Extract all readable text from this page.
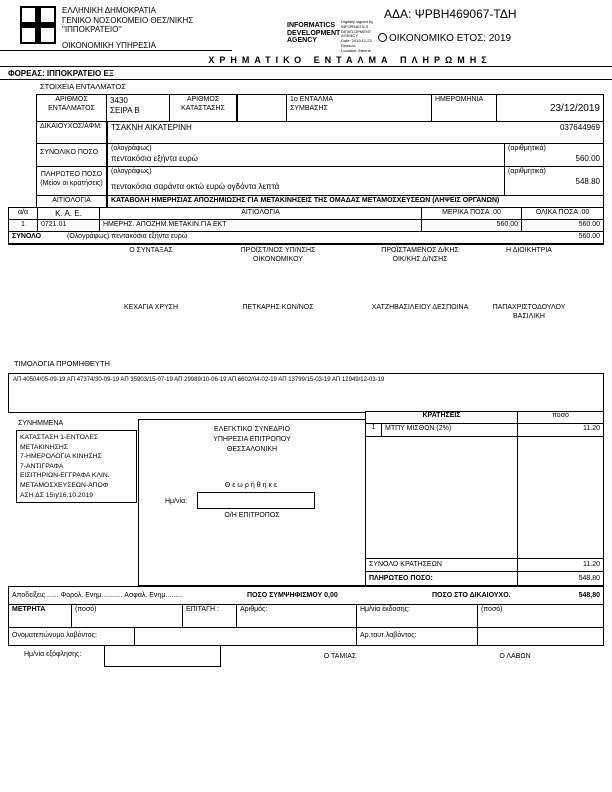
ΕΛΛΗΝΙΚΗ ΔΗΜΟΚΡΑΤΙΑ
ΓΕΝΙΚΟ ΝΟΣΟΚΟΜΕΙΟ ΘΕΣ/ΝΙΚΗΣ
"ΙΠΠΟΚΡΑΤΕΙΟ"
ΟΙΚΟΝΟΜΙΚΗ ΥΠΗΡΕΣΙΑ
ΑΔΑ: ΨΡΒΗ469067-ΤΔΗ
INFORMATICS DEVELOPMENT AGENCY
Digitally signed by
INFORMATICS
DEVELOPMENT AGENCY
Date: 2019.12.23
Reason:
Location: Athens
ΟΙΚΟΝΟΜΙΚΟ ΕΤΟΣ: 2019
ΧΡΗΜΑΤΙΚΟ ΕΝΤΑΛΜΑ ΠΛΗΡΩΜΗΣ
ΦΟΡΕΑΣ: ΙΠΠΟΚΡΑΤΕΙΟ ΕΞ
ΣΤΟΙΧΕΙΑ ΕΝΤΑΛΜΑΤΟΣ
ΑΡΙΘΜΟΣ ΕΝΤΑΛΜΑΤΟΣ
3430
ΣΕΙΡΑ Β
ΑΡΙΘΜΟΣ ΚΑΤΑΣΤΑΣΗΣ
1ο ΕΝΤΑΛΜΑ ΣΥΜΒΑΣΗΣ
ΗΜΕΡΟΜΗΝΙΑ
23/12/2019
ΔΙΚΑΙΟΥΧΟΣ/ΑΦΜ:	ΤΣΑΚΝΗ ΑΙΚΑΤΕΡΙΝΗ	037644969
ΣΥΝΟΛΙΚΟ ΠΟΣΟ
(ολογράφως)
πεντακόσια εξήντα ευρώ
(αριθμητικά)
560.00
ΠΛΗΡΩΤΕΟ ΠΟΣΟ
(Μείον οι κρατήσεις)
(ολογράφως)
πεντακόσια σαράντα οκτώ ευρώ ογδόντα λεπτά
(αριθμητικά)
548.80
ΑΙΤΙΟΛΟΓΙΑ	ΚΑΤΑΒΟΛΗ ΗΜΕΡΗΣΙΑΣ ΑΠΟΖΗΜΙΩΣΗΣ ΓΙΑ ΜΕΤΑΚΙΝΗΣΕΙΣ ΤΗΣ ΟΜΑΔΑΣ ΜΕΤΑΜΟΣΧΕΥΣΕΩΝ (ΛΗΨΕΙΣ ΟΡΓΑΝΩΝ)
α/α	Κ. Α. Ε.	ΑΙΤΙΟΛΟΓΙΑ	ΜΕΡΙΚΑ ΠΟΣΑ .00	ΟΛΙΚΑ ΠΟΣΑ .00
1	0721.01	ΗΜΕΡΗΣ. ΑΠΟΖΗΜ.ΜΕΤΑΚΙΝ.ΓΙΑ ΕΚΤ	560.00	560.00
ΣΥΝΟΛΟ	(Ολογράφως) πεντακόσια εξήντα ευρώ	560.00
Ο ΣΥΝΤΑΞΑΣ
ΚΕΧΑΓΙΑ ΧΡΥΣΗ
ΠΡΟΪΣΤ/ΝΟΣ ΥΠ/ΝΣΗΣ ΟΙΚΟΝΟΜΙΚΟΥ
ΠΕΤΚΑΡΗΣ ΚΩΝ/ΝΟΣ
ΠΡΟΪΣΤΑΜΕΝΟΣ Δ/ΚΗΣ ΟΙΚ/ΚΗΣ Δ/ΝΣΗΣ
ΧΑΤΖΗΒΑΣΙΛΕΙΟΥ ΔΕΣΠΟΙΝΑ
Η ΔΙΟΙΚΗΤΡΙΑ
ΠΑΠΑΧΡΙΣΤΟΔΟΥΛΟΥ ΒΑΣΙΛΙΚΗ
ΤΙΜΟΛΟΓΙΑ ΠΡΟΜΗΘΕΥΤΗ
ΑΠ 40504/05-09-19 ΑΠ 47374/30-09-19 ΑΠ 35903/15-07-19 ΑΠ 29989/10-06-19 ΑΠ 6602/04-02-19 ΑΠ 13799/15-03-19 ΑΠ 12949/12-03-19
ΣΥΝΗΜΜΕΝΑ
ΚΑΤΑΣΤΑΣΗ 1-ΕΝΤΟΛΕΣ
ΜΕΤΑΚΙΝΗΣΗΣ
7-ΗΜΕΡΟΛΟΓΙΑ ΚΙΝΗΣΗΣ
7-ΑΝΤΙΓΡΑΦΑ
ΕΙΣΙΤΗΡΙΩΝ-ΕΓΓΡΑΦΑ ΚΛΙΝ.
ΜΕΤΑΜΟΣΧΕΥΣΕΩΝ-ΑΠΟΦ
ΑΣΗ ΔΣ 15η/16.10.2019
ΕΛΕΓΚΤΙΚΟ ΣΥΝΕΔΡΙΟ
ΥΠΗΡΕΣΙΑ ΕΠΙΤΡΟΠΟΥ
ΘΕΣΣΑΛΟΝΙΚΗ
Θεωρήθηκε
Ημ/νία:
Ο/Η ΕΠΙΤΡΟΠΟΣ
ΚΡΑΤΗΣΕΙΣ	ποσό
1	ΜΤΠΥ ΜΙΣΘΩΝ (2%)	11.20
ΣΥΝΟΛΟ ΚΡΑΤΗΣΕΩΝ	11.20
ΠΛΗΡΩΤΕΟ ΠΟΣΟ:	548,80
Αποδείξεις....... Φορολ. Ενημ........... Ασφαλ. Ενημ.........	ΠΟΣΟ ΣΥΜΨΗΦΙΣΜΟΥ 0,00	ΠΟΣΟ ΣΤΟ ΔΙΚΑΙΟΥΧΟ.	548,80
ΜΕΤΡΗΤΑ	(ποσό)	ΕΠΙΤΑΓΗ :	Αριθμός:	Ημ/νία έκδοσης:	(ποσό)
Ονοματεπώνυμο λαβόντος:	Αρ.ταυτ.λαβόντος:
Ημ/νία εξόφλησης:	Ο ΤΑΜΙΑΣ	Ο ΛΑΒΩΝ
